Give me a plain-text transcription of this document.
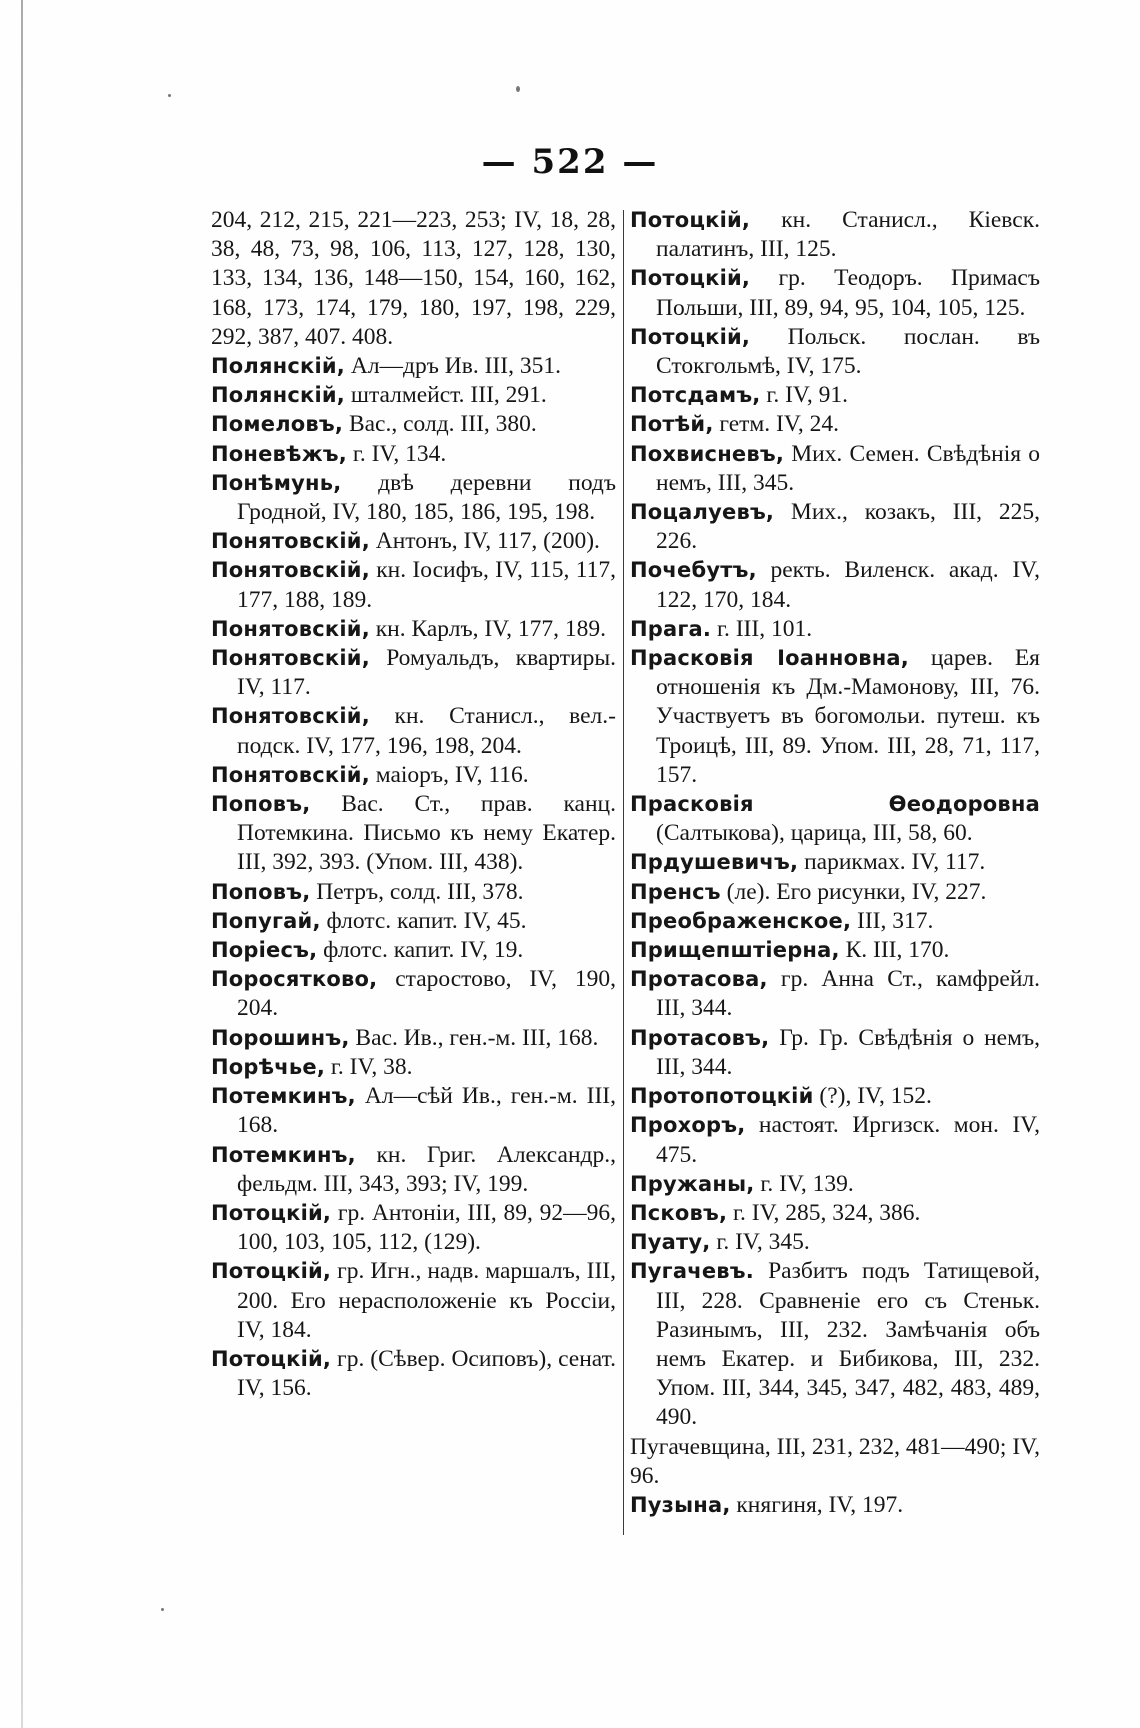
— 522 —

204, 212, 215, 221—223, 253; IV, 18, 28, 38, 48, 73, 98, 106, 113, 127, 128, 130, 133, 134, 136, 148—150, 154, 160, 162, 168, 173, 174, 179, 180, 197, 198, 229, 292, 387, 407. 408.

Полянскій, Ал—дръ Ив. III, 351.

Полянскій, шталмейст. III, 291.

Помеловъ, Вас., солд. III, 380.

Поневѣжъ, г. IV, 134.

Понѣмунь, двѣ деревни подъ Гродной, IV, 180, 185, 186, 195, 198.

Понятовскій, Антонъ, IV, 117, (200).

Понятовскій, кн. Іосифъ, IV, 115, 117, 177, 188, 189.

Понятовскій, кн. Карлъ, IV, 177, 189.

Понятовскій, Ромуальдъ, квартиры. IV, 117.

Понятовскій, кн. Станисл., вел.-подск. IV, 177, 196, 198, 204.

Понятовскій, маіоръ, IV, 116.

Поповъ, Вас. Ст., прав. канц. Потемкина. Письмо къ нему Екатер. III, 392, 393. (Упом. III, 438).

Поповъ, Петръ, солд. III, 378.

Попугай, флотс. капит. IV, 45.

Порiесъ, флотс. капит. IV, 19.

Поросятково, старостово, IV, 190, 204.

Порошинъ, Вас. Ив., ген.-м. III, 168.

Порѣчье, г. IV, 38.

Потемкинъ, Ал—сѣй Ив., ген.-м. III, 168.

Потемкинъ, кн. Григ. Александр., фельдм. III, 343, 393; IV, 199.

Потоцкій, гр. Антоніи, III, 89, 92—96, 100, 103, 105, 112, (129).

Потоцкій, гр. Игн., надв. маршалъ, III, 200. Его нерасположеніе къ Россіи, IV, 184.

Потоцкій, гр. (Сѣвер. Осиповъ), сенат. IV, 156.

Потоцкій, кн. Станисл., Кіевск. палатинъ, III, 125.

Потоцкій, гр. Теодоръ. Примасъ Польши, III, 89, 94, 95, 104, 105, 125.

Потоцкій, Польск. послан. въ Стокгольмѣ, IV, 175.

Потсдамъ, г. IV, 91.

Потѣй, гетм. IV, 24.

Похвисневъ, Мих. Семен. Свѣдѣнія о немъ, III, 345.

Поцалуевъ, Мих., козакъ, III, 225, 226.

Почебутъ, ректь. Виленск. акад. IV, 122, 170, 184.

Прага. г. III, 101.

Прасковія Іоанновна, царев. Ея отношенія къ Дм.-Мамонову, III, 76. Участвуетъ въ богомольи. путеш. къ Троицѣ, III, 89. Упом. III, 28, 71, 117, 157.

Прасковія Ѳеодоровна (Салтыкова), царица, III, 58, 60.

Прдушевичъ, парикмах. IV, 117.

Пренсъ (ле). Его рисунки, IV, 227.

Преображенское, III, 317.

Прищепштіерна, К. III, 170.

Протасова, гр. Анна Ст., камфрейл. III, 344.

Протасовъ, Гр. Гр. Свѣдѣнія о немъ, III, 344.

Протопотоцкій (?), IV, 152.

Прохоръ, настоят. Иргизск. мон. IV, 475.

Пружаны, г. IV, 139.

Псковъ, г. IV, 285, 324, 386.

Пуату, г. IV, 345.

Пугачевъ. Разбитъ подъ Татищевой, III, 228. Сравненіе его съ Стеньк. Разинымъ, III, 232. Замѣчанія объ немъ Екатер. и Бибикова, III, 232. Упом. III, 344, 345, 347, 482, 483, 489, 490.

Пугачевщина, III, 231, 232, 481—490; IV, 96.

Пузына, княгиня, IV, 197.
